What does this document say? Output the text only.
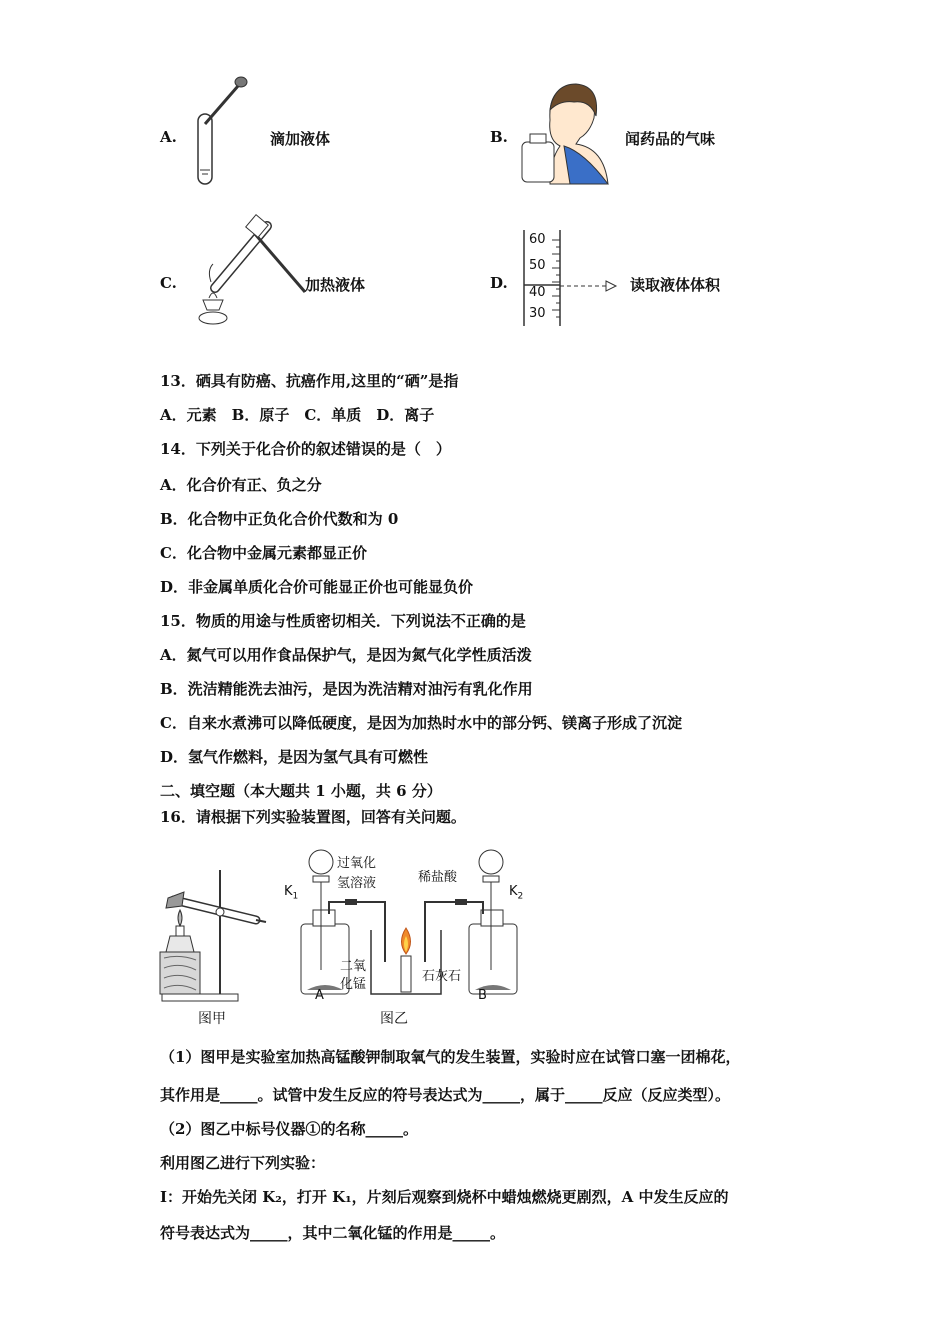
A.	滴加液体	B.	闻药品的气味
C.	加热液体	D.
60
50
40
30
读取液体体积
13．硒具有防癌、抗癌作用,这里的“硒”是指
A．元素　B．原子　C．单质　D．离子
14．下列关于化合价的叙述错误的是（　）
A．化合价有正、负之分
B．化合物中正负化合价代数和为 0
C．化合物中金属元素都显正价
D．非金属单质化合价可能显正价也可能显负价
15．物质的用途与性质密切相关．下列说法不正确的是
A．氮气可以用作食品保护气，是因为氮气化学性质活泼
B．洗洁精能洗去油污，是因为洗洁精对油污有乳化作用
C．自来水煮沸可以降低硬度，是因为加热时水中的部分钙、镁离子形成了沉淀
D．氢气作燃料，是因为氢气具有可燃性
二、填空题（本大题共 1 小题，共 6 分）
16．请根据下列实验装置图，回答有关问题。
图甲
过氧化
氢溶液	稀盐酸
$K_1$	$K_2$
二氧
化锰
石灰石
A	B
图乙
（1）图甲是实验室加热高锰酸钾制取氧气的发生装置，实验时应在试管口塞一团棉花，
其作用是_____。试管中发生反应的符号表达式为_____，属于_____反应（反应类型）。
（2）图乙中标号仪器①的名称_____。
利用图乙进行下列实验：
I：开始先关闭 K₂，打开 K₁，片刻后观察到烧杯中蜡烛燃烧更剧烈，A 中发生反应的
符号表达式为_____，其中二氧化锰的作用是_____。
